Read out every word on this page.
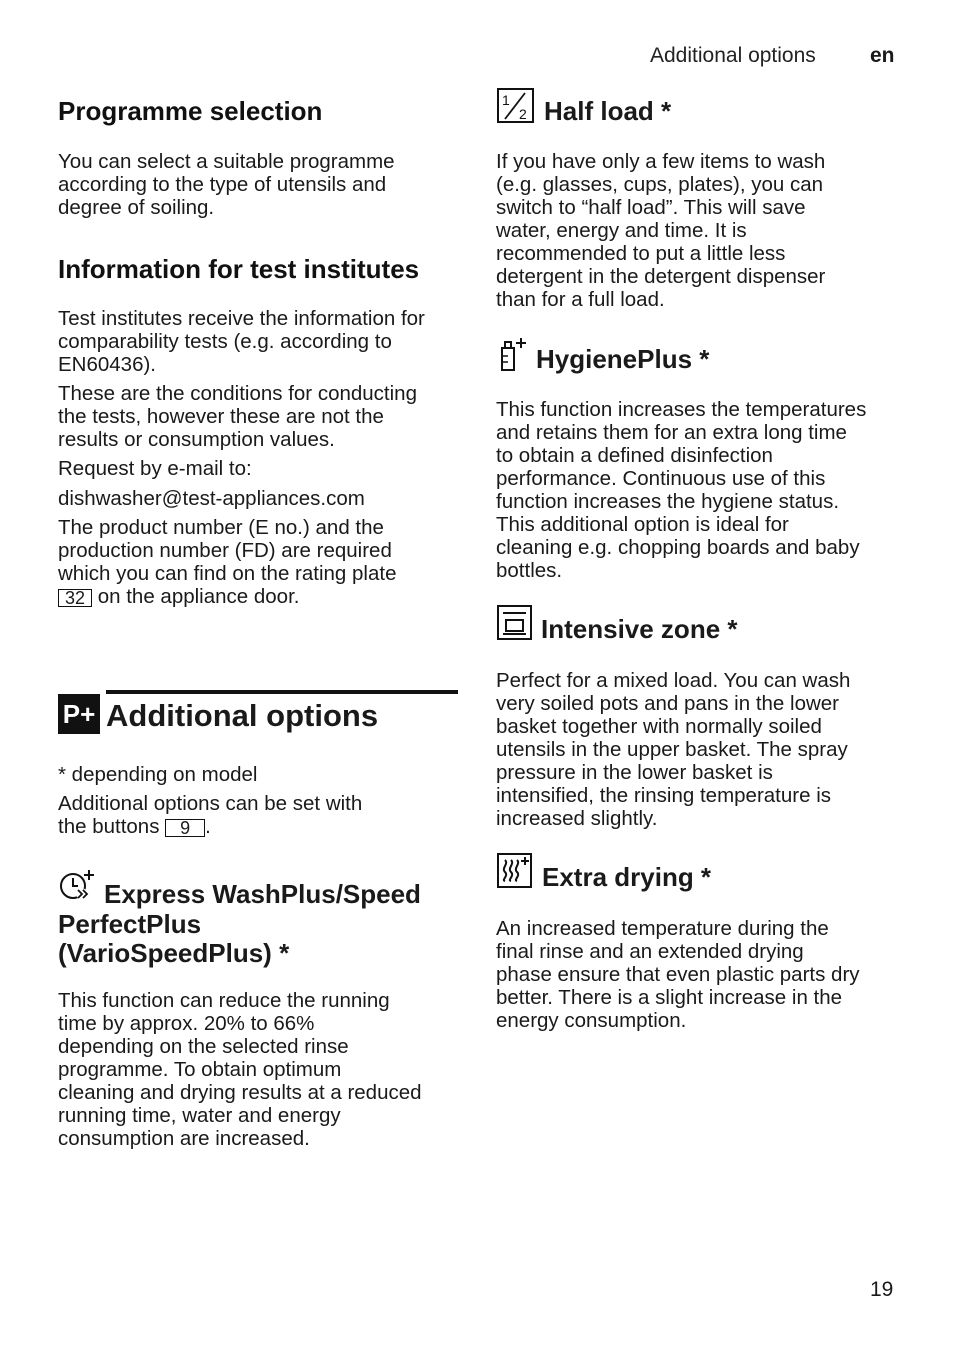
Additional options	en
Programme selection

You can select a suitable programme

according to the type of utensils and

degree of soiling.

Information for test institutes

Test institutes receive the information for

comparability tests (e.g. according to

EN60436).

These are the conditions for conducting

the tests, however these are not the

results or consumption values.

Request by e-mail to:

dishwasher@test-appliances.com

The product number (E no.) and the

production number (FD) are required

which you can find on the rating plate

32 on the appliance door.

P+ Additional options

* depending on model

Additional options can be set with

the buttons 9 .

Express WashPlus/Speed
PerfectPlus
(VarioSpeedPlus) *

This function can reduce the running

time by approx. 20% to 66%

depending on the selected rinse

programme. To obtain optimum

cleaning and drying results at a reduced

running time, water and energy

consumption are increased.

1
2 Half load *

If you have only a few items to wash

(e.g. glasses, cups, plates), you can

switch to “half load”. This will save

water, energy and time. It is

recommended to put a little less

detergent in the detergent dispenser

than for a full load.

HygienePlus *

This function increases the temperatures

and retains them for an extra long time

to obtain a defined disinfection

performance. Continuous use of this

function increases the hygiene status.

This additional option is ideal for

cleaning e.g. chopping boards and baby

bottles.

Intensive zone *

Perfect for a mixed load. You can wash

very soiled pots and pans in the lower

basket together with normally soiled

utensils in the upper basket. The spray

pressure in the lower basket is

intensified, the rinsing temperature is

increased slightly.

Extra drying *

An increased temperature during the

final rinse and an extended drying

phase ensure that even plastic parts dry

better. There is a slight increase in the

energy consumption.

19
